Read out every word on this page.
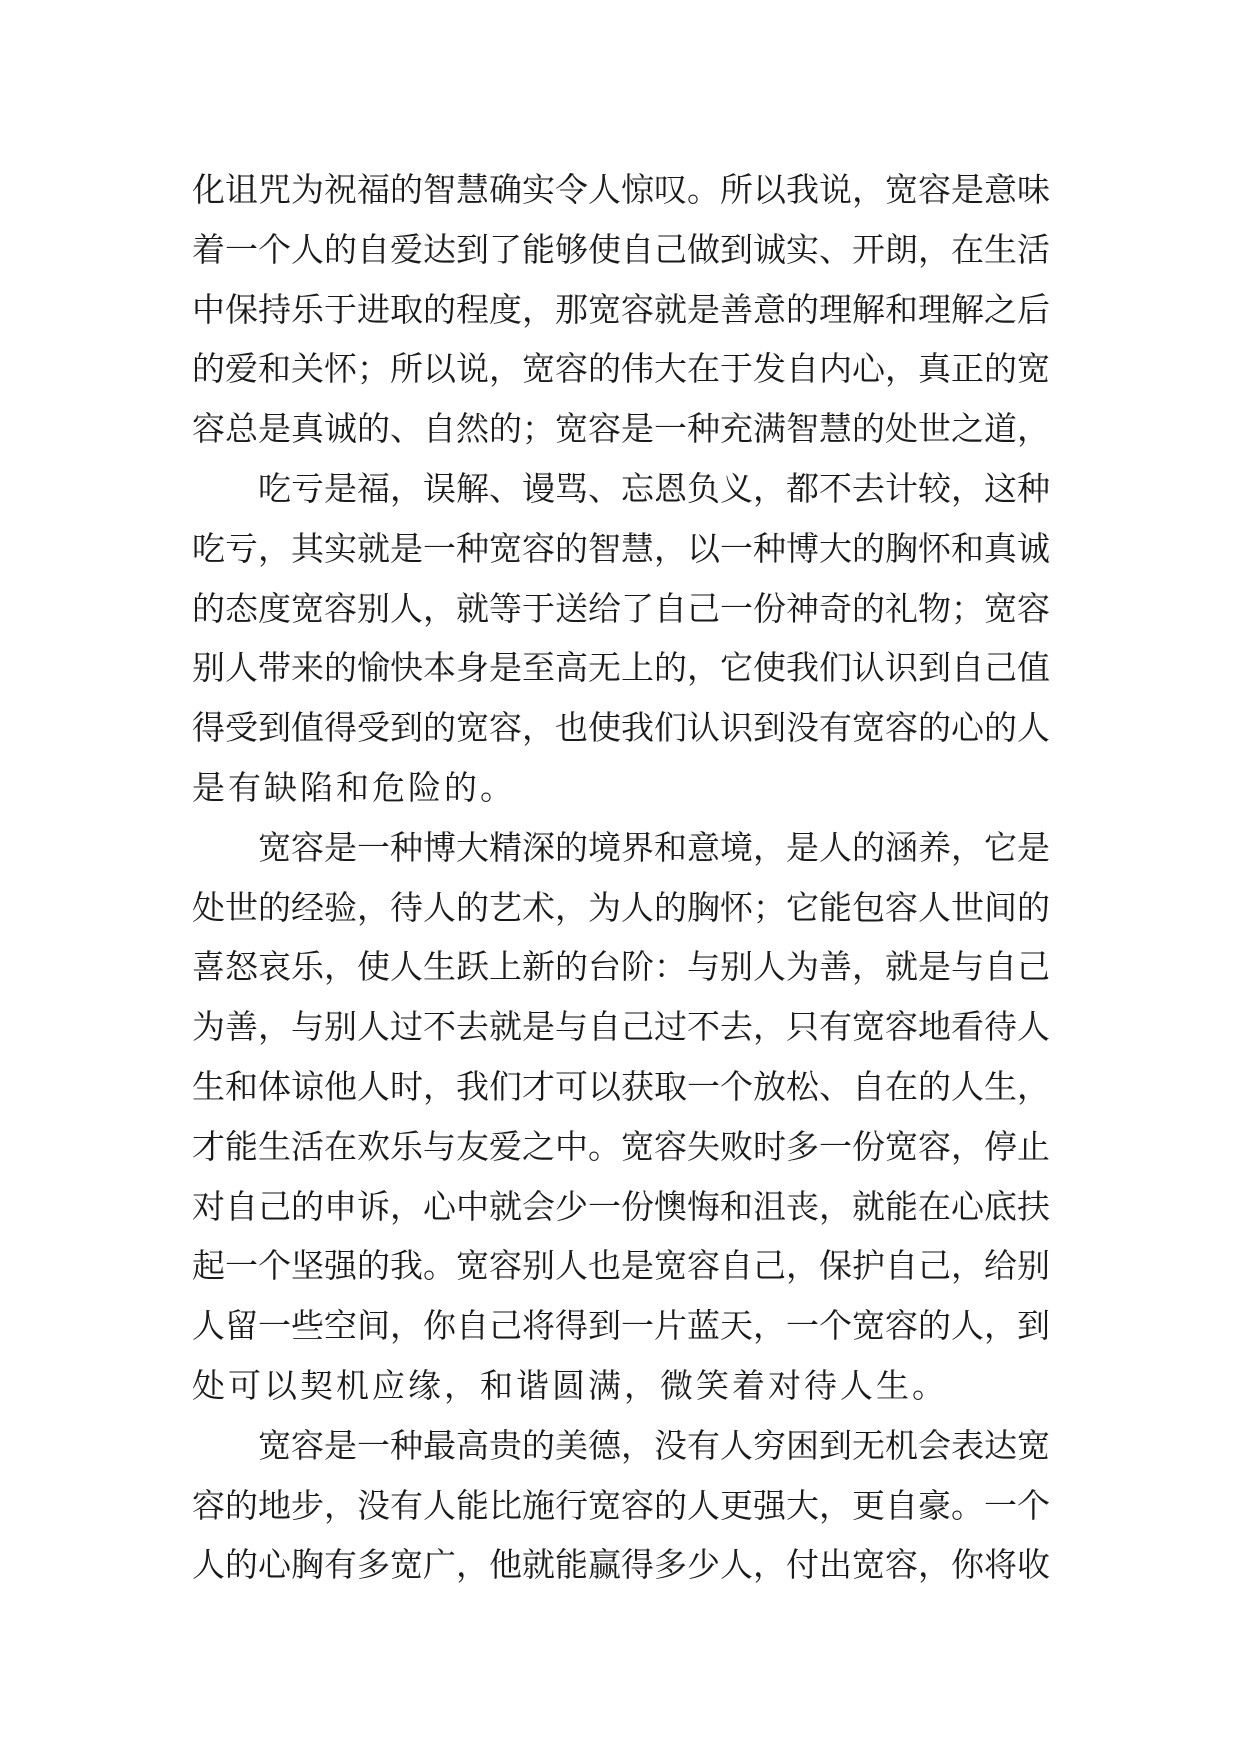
化诅咒为祝福的智慧确实令人惊叹。所以我说，宽容是意味
着一个人的自爱达到了能够使自己做到诚实、开朗，在生活
中保持乐于进取的程度，那宽容就是善意的理解和理解之后
的爱和关怀；所以说，宽容的伟大在于发自内心，真正的宽
容总是真诚的、自然的；宽容是一种充满智慧的处世之道，
吃亏是福，误解、谩骂、忘恩负义，都不去计较，这种
吃亏，其实就是一种宽容的智慧，以一种博大的胸怀和真诚
的态度宽容别人，就等于送给了自己一份神奇的礼物；宽容
别人带来的愉快本身是至高无上的，它使我们认识到自己值
得受到值得受到的宽容，也使我们认识到没有宽容的心的人
是有缺陷和危险的。
宽容是一种博大精深的境界和意境，是人的涵养，它是
处世的经验，待人的艺术，为人的胸怀；它能包容人世间的
喜怒哀乐，使人生跃上新的台阶：与别人为善，就是与自己
为善，与别人过不去就是与自己过不去，只有宽容地看待人
生和体谅他人时，我们才可以获取一个放松、自在的人生，
才能生活在欢乐与友爱之中。宽容失败时多一份宽容，停止
对自己的申诉，心中就会少一份懊悔和沮丧，就能在心底扶
起一个坚强的我。宽容别人也是宽容自己，保护自己，给别
人留一些空间，你自己将得到一片蓝天，一个宽容的人，到
处可以契机应缘，和谐圆满，微笑着对待人生。
宽容是一种最高贵的美德，没有人穷困到无机会表达宽
容的地步，没有人能比施行宽容的人更强大，更自豪。一个
人的心胸有多宽广，他就能赢得多少人，付出宽容，你将收
